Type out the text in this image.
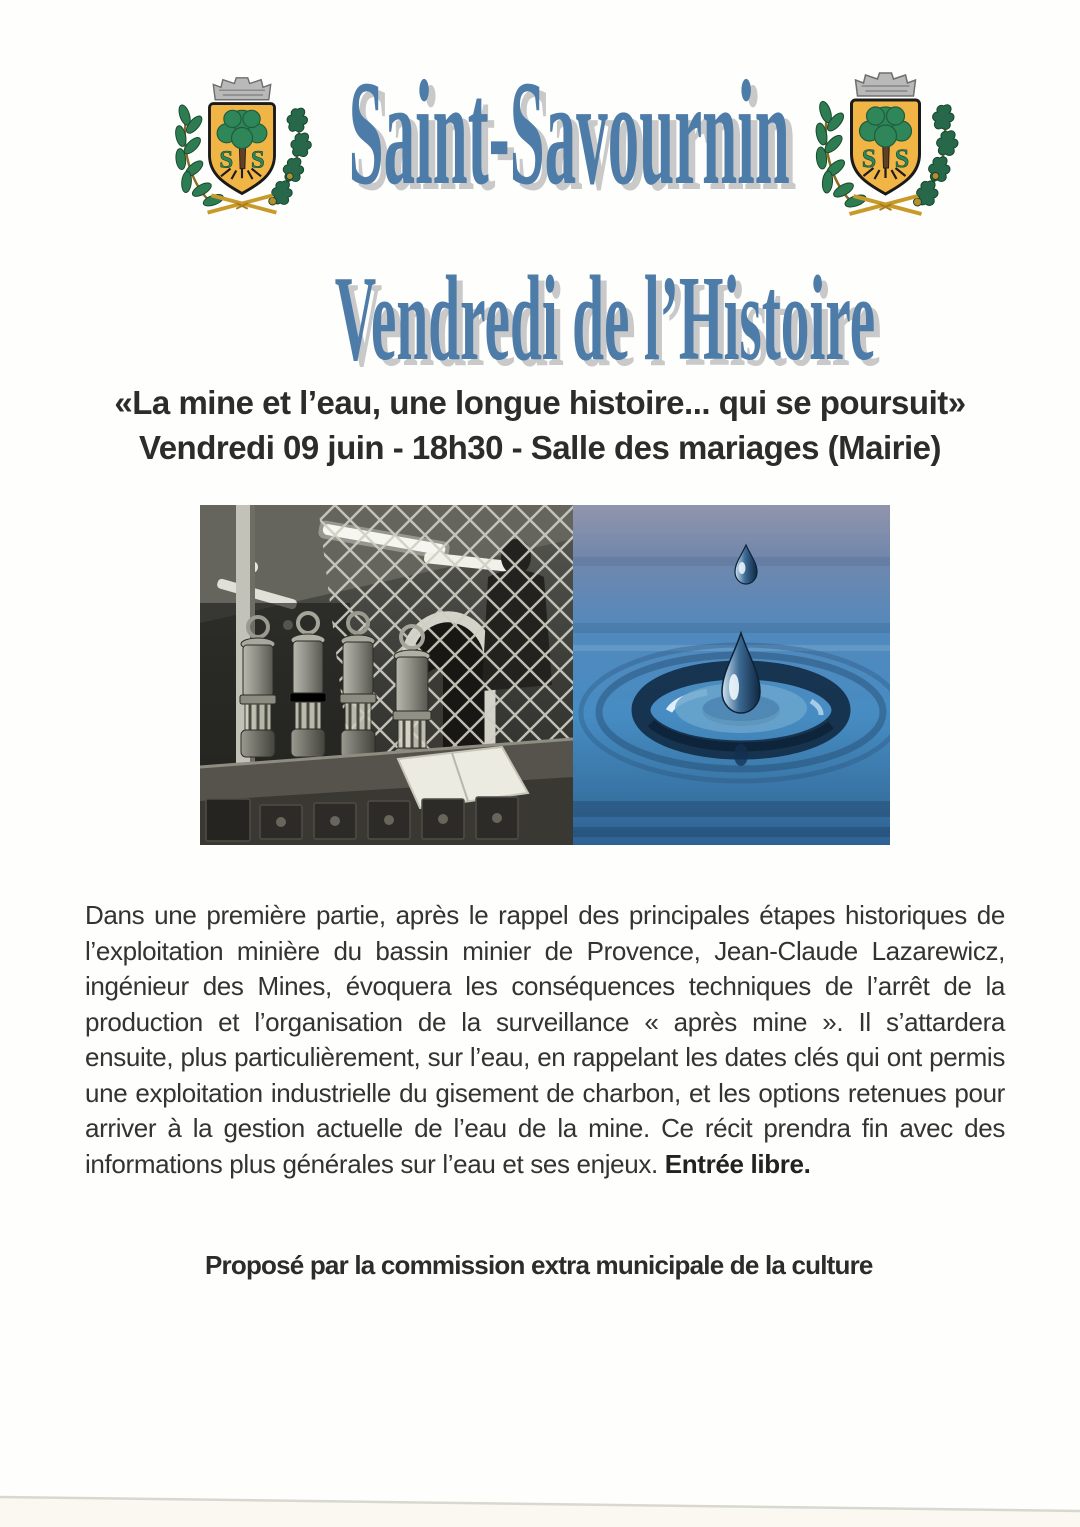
S S Saint-Savournin
Vendredi de l’Histoire
«La mine et l’eau, une longue histoire... qui se poursuit»
Vendredi 09 juin - 18h30 - Salle des mariages (Mairie)

Dans une première partie, après le rappel des principales étapes historiques de l’exploitation minière du bassin minier de Provence, Jean-Claude Lazarewicz, ingénieur des Mines, évoquera les conséquences techniques de l’arrêt de la production et l’organisation de la surveillance « après mine ». Il s’attardera ensuite, plus particulièrement, sur l’eau, en rappelant les dates clés qui ont permis une exploitation industrielle du gisement de charbon, et les options retenues pour arriver à la gestion actuelle de l’eau de la mine. Ce récit prendra fin avec des informations plus générales sur l’eau et ses enjeux. Entrée libre.

Proposé par la commission extra municipale de la culture
